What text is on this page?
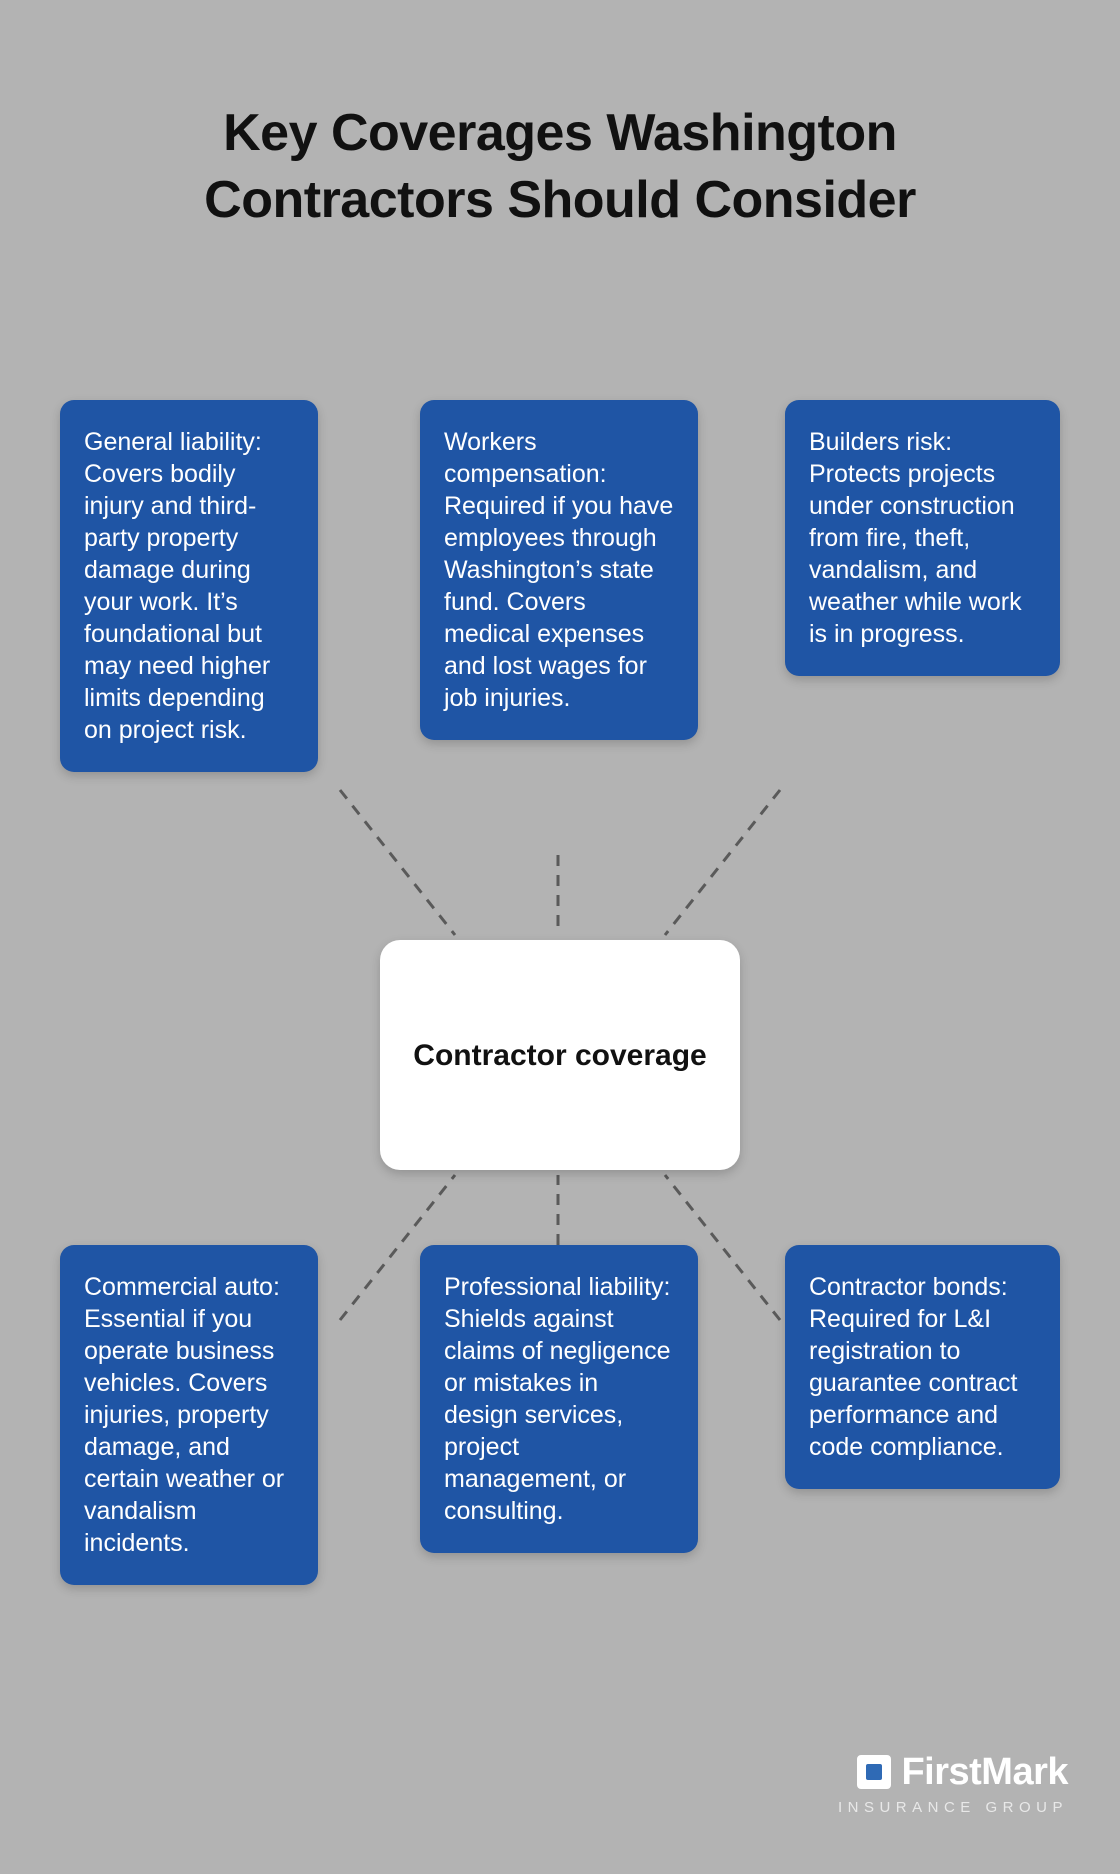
Key Coverages Washington Contractors Should Consider
General liability: Covers bodily injury and third-party property damage during your work. It’s foundational but may need higher limits depending on project risk.
Workers compensation: Required if you have employees through Washington’s state fund. Covers medical expenses and lost wages for job injuries.
Builders risk: Protects projects under construction from fire, theft, vandalism, and weather while work is in progress.
Contractor coverage
Commercial auto: Essential if you operate business vehicles. Covers injuries, property damage, and certain weather or vandalism incidents.
Professional liability: Shields against claims of negligence or mistakes in design services, project management, or consulting.
Contractor bonds: Required for L&I registration to guarantee contract performance and code compliance.
FirstMark
INSURANCE GROUP
